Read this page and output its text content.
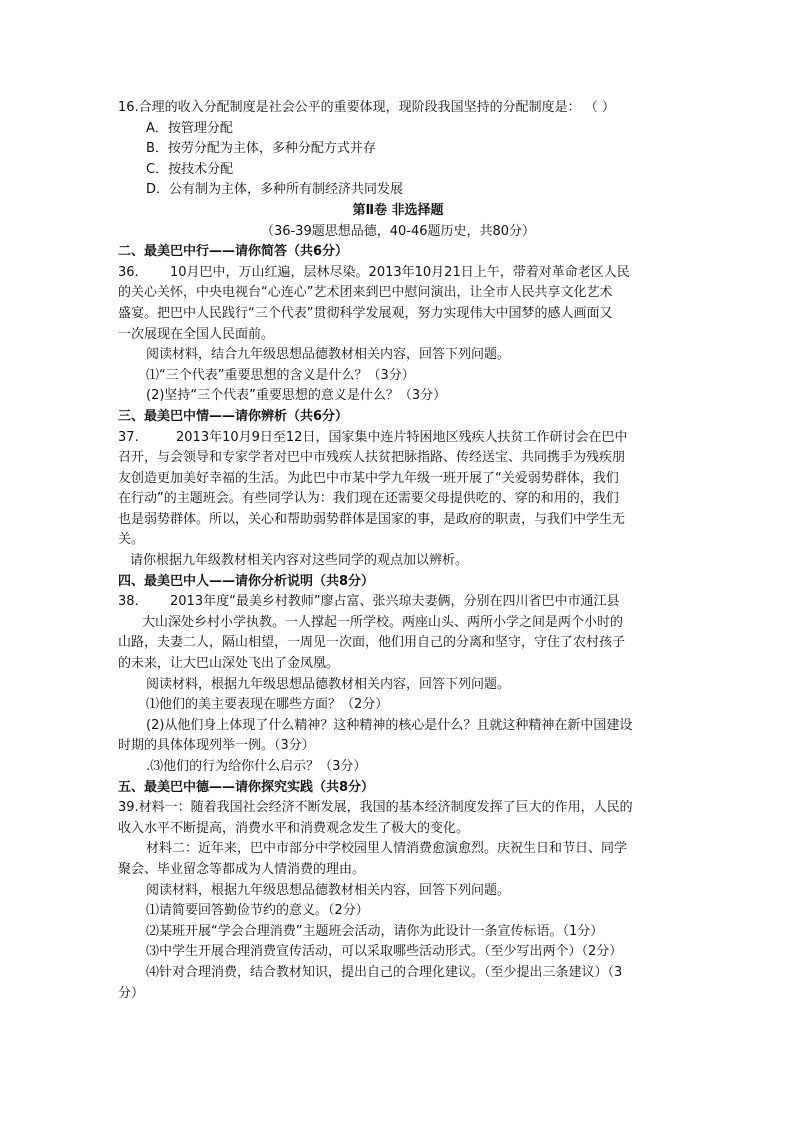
16.合理的收入分配制度是社会公平的重要体现，现阶段我国坚持的分配制度是： （ ）
A．按管理分配
B．按劳分配为主体，多种分配方式并存
C．按技术分配
D．公有制为主体，多种所有制经济共同发展
第Ⅱ卷 非选择题
（36-39题思想品德，40-46题历史，共80分）
二、最美巴中行——请你简答（共6分）
36. 10月巴中，万山红遍，层林尽染。2013年10月21日上午，带着对革命老区人民
的关心关怀，中央电视台“心连心”艺术团来到巴中慰问演出，让全市人民共享文化艺术
盛宴。把巴中人民践行“三个代表”贯彻科学发展观，努力实现伟大中国梦的感人画面又
一次展现在全国人民面前。
阅读材料，结合九年级思想品德教材相关内容，回答下列问题。
⑴“三个代表”重要思想的含义是什么？（3分）
(2)坚持“三个代表”重要思想的意义是什么？（3分）
三、最美巴中情——请你辨析（共6分）
37.	2013年10月9日至12日，国家集中连片特困地区残疾人扶贫工作研讨会在巴中
召开，与会领导和专家学者对巴中市残疾人扶贫把脉指路、传经送宝、共同携手为残疾朋
友创造更加美好幸福的生活。为此巴中市某中学九年级一班开展了“关爱弱势群体，我们
在行动”的主题班会。有些同学认为：我们现在还需要父母提供吃的、穿的和用的，我们
也是弱势群体。所以，关心和帮助弱势群体是国家的事，是政府的职责，与我们中学生无
关。
请你根据九年级教材相关内容对这些同学的观点加以辨析。
四、最美巴中人——请你分析说明（共8分）
38. 2013年度“最美乡村教师”廖占富、张兴琼夫妻俩，分别在四川省巴中市通江县
大山深处乡村小学执教。一人撑起一所学校。两座山头、两所小学之间是两个小时的
山路，夫妻二人，隔山相望，一周见一次面，他们用自己的分离和坚守，守住了农村孩子
的未来，让大巴山深处飞出了金凤凰。
阅读材料，根据九年级思想品德教材相关内容，回答下列问题。
⑴他们的美主要表现在哪些方面？（2分）
(2)从他们身上体现了什么精神？这种精神的核心是什么？且就这种精神在新中国建设
时期的具体体现列举一例。（3分）
.⑶他们的行为给你什么启示？（3分）
五、最美巴中德——请你探究实践（共8分）
39.材料一：随着我国社会经济不断发展，我国的基本经济制度发挥了巨大的作用，人民的
收入水平不断提高，消费水平和消费观念发生了极大的变化。
材料二：近年来，巴中市部分中学校园里人情消费愈演愈烈。庆祝生日和节日、同学
聚会、毕业留念等都成为人情消费的理由。
阅读材料，根据九年级思想品德教材相关内容，回答下列问题。
⑴请简要回答勤俭节约的意义。（2分）
⑵某班开展“学会合理消费”主题班会活动，请你为此设计一条宣传标语。（1分）
⑶中学生开展合理消费宣传活动，可以采取哪些活动形式。（至少写出两个）（2分）
⑷针对合理消费，结合教材知识，提出自己的合理化建议。（至少提出三条建议）（3
分）
